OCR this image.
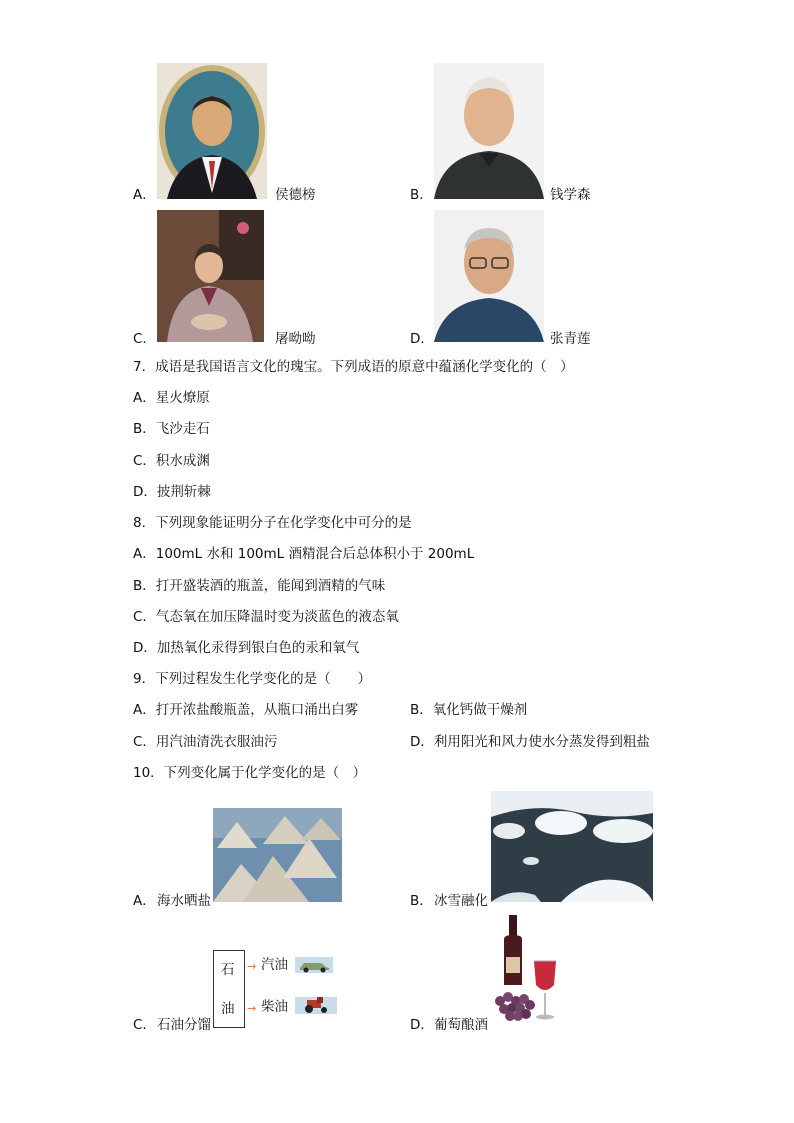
A．	侯德榜	B．	钱学森
C．	屠呦呦	D．	张青莲
7．成语是我国语言文化的瑰宝。下列成语的原意中蕴涵化学变化的（　）
A．星火燎原
B．飞沙走石
C．积水成渊
D．披荆斩棘
8．下列现象能证明分子在化学变化中可分的是
A．100mL 水和 100mL 酒精混合后总体积小于 200mL
B．打开盛装酒的瓶盖，能闻到酒精的气味
C．气态氧在加压降温时变为淡蓝色的液态氧
D．加热氧化汞得到银白色的汞和氧气
9．下列过程发生化学变化的是（　　）
A．打开浓盐酸瓶盖，从瓶口涌出白雾	B．氧化钙做干燥剂
C．用汽油清洗衣服油污	D．利用阳光和风力使水分蒸发得到粗盐
10．下列变化属于化学变化的是（　）
A． 海水晒盐	B． 冰雪融化
C． 石油分馏
石
油
→ 汽油
→ 柴油
D． 葡萄酿酒
